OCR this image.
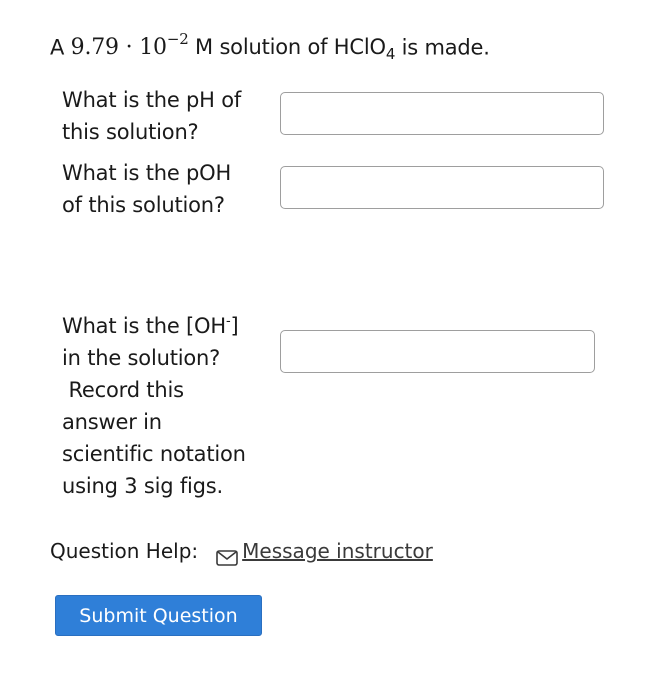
A $9.79 \cdot 10^{-2}$ M solution of HClO$_4$ is made.
What is the pH of
this solution?
What is the pOH
of this solution?
What is the [OH-]
in the solution?
Record this
answer in
scientific notation
using 3 sig figs.
Question Help: Message instructor
Submit Question
